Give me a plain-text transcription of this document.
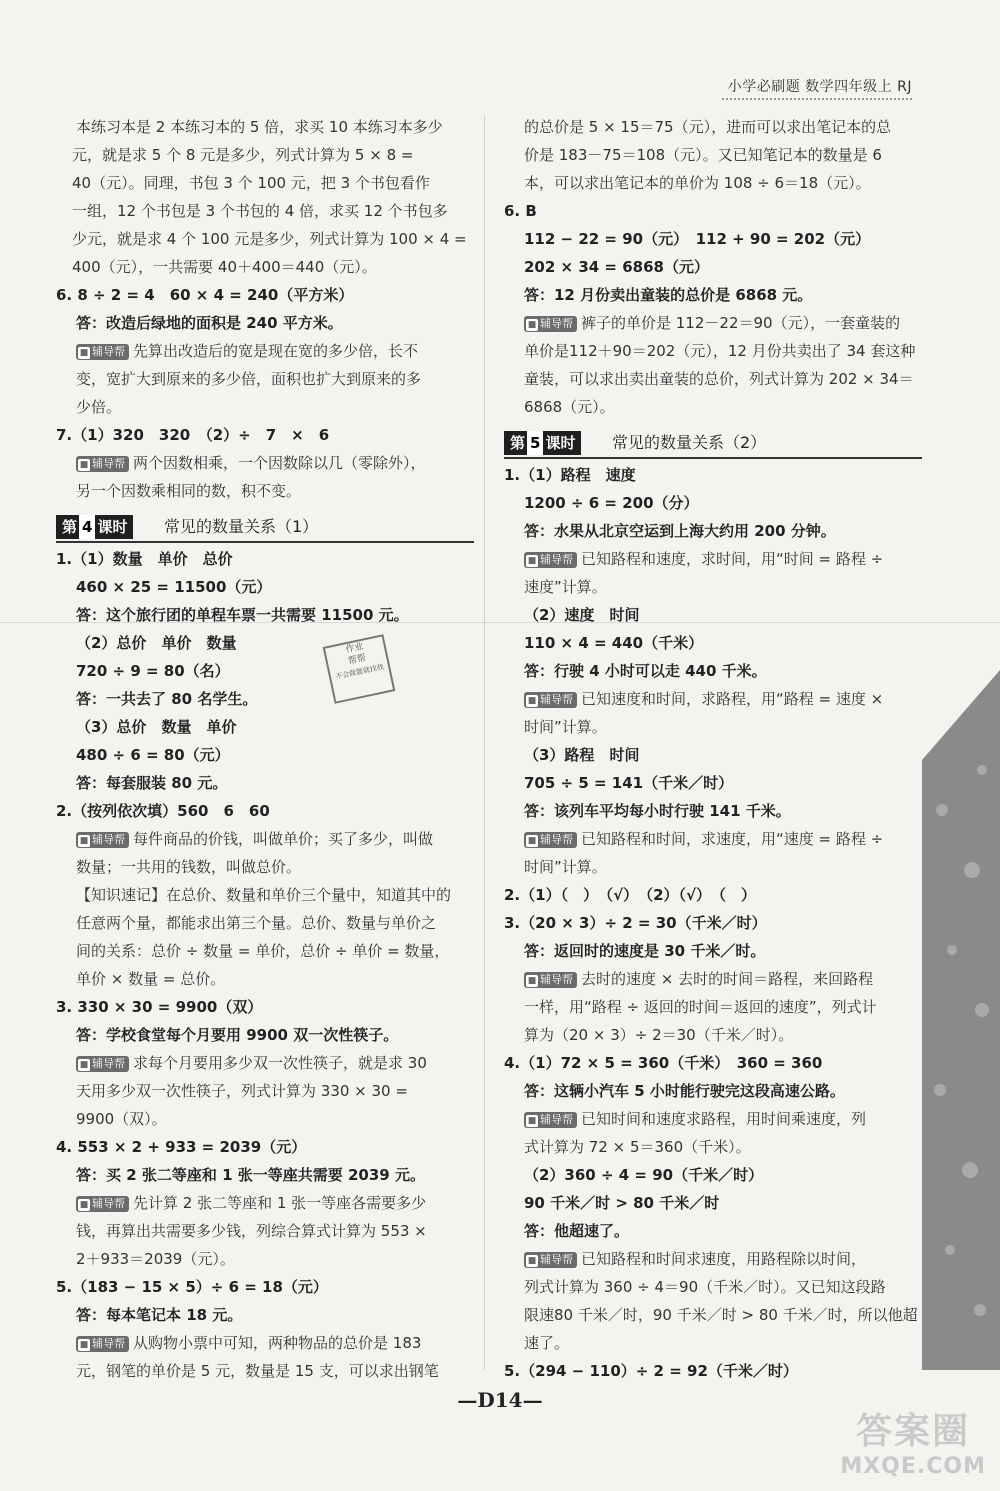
小学必刷题 数学四年级上 RJ
本练习本是 2 本练习本的 5 倍，求买 10 本练习本多少
元，就是求 5 个 8 元是多少，列式计算为 5 × 8 =
40（元）。同理，书包 3 个 100 元，把 3 个书包看作
一组，12 个书包是 3 个书包的 4 倍，求买 12 个书包多
少元，就是求 4 个 100 元是多少，列式计算为 100 × 4 =
400（元），一共需要 40＋400＝440（元）。
6. 8 ÷ 2 = 4　60 × 4 = 240（平方米）
答：改造后绿地的面积是 240 平方米。
■ 辅导帮 先算出改造后的宽是现在宽的多少倍，长不
变，宽扩大到原来的多少倍，面积也扩大到原来的多
少倍。
7.（1）320　320　（2）÷　7　×　6
■ 辅导帮 两个因数相乘，一个因数除以几（零除外），
另一个因数乘相同的数，积不变。
第 4 课时	常见的数量关系（1）
1.（1）数量　单价　总价
460 × 25 = 11500（元）
答：这个旅行团的单程车票一共需要 11500 元。
（2）总价　单价　数量
720 ÷ 9 = 80（名）
答：一共去了 80 名学生。
（3）总价　数量　单价
480 ÷ 6 = 80（元）
答：每套服装 80 元。
2.（按列依次填）560　6　60
■ 辅导帮 每件商品的价钱，叫做单价；买了多少，叫做
数量；一共用的钱数，叫做总价。
【知识速记】在总价、数量和单价三个量中，知道其中的
任意两个量，都能求出第三个量。总价、数量与单价之
间的关系：总价 ÷ 数量 = 单价，总价 ÷ 单价 = 数量，
单价 × 数量 = 总价。
3. 330 × 30 = 9900（双）
答：学校食堂每个月要用 9900 双一次性筷子。
■ 辅导帮 求每个月要用多少双一次性筷子，就是求 30
天用多少双一次性筷子，列式计算为 330 × 30 =
9900（双）。
4. 553 × 2 + 933 = 2039（元）
答：买 2 张二等座和 1 张一等座共需要 2039 元。
■ 辅导帮 先计算 2 张二等座和 1 张一等座各需要多少
钱，再算出共需要多少钱，列综合算式计算为 553 ×
2＋933＝2039（元）。
5.（183 − 15 × 5）÷ 6 = 18（元）
答：每本笔记本 18 元。
■ 辅导帮 从购物小票中可知，两种物品的总价是 183
元，钢笔的单价是 5 元，数量是 15 支，可以求出钢笔
的总价是 5 × 15＝75（元），进而可以求出笔记本的总
价是 183－75＝108（元）。又已知笔记本的数量是 6
本，可以求出笔记本的单价为 108 ÷ 6＝18（元）。
6. B
112 − 22 = 90（元）　112 + 90 = 202（元）
202 × 34 = 6868（元）
答：12 月份卖出童装的总价是 6868 元。
■ 辅导帮 裤子的单价是 112－22＝90（元），一套童装的
单价是112＋90＝202（元），12 月份共卖出了 34 套这种
童装，可以求出卖出童装的总价，列式计算为 202 × 34＝
6868（元）。
第 5 课时	常见的数量关系（2）
1.（1）路程　速度
1200 ÷ 6 = 200（分）
答：水果从北京空运到上海大约用 200 分钟。
■ 辅导帮 已知路程和速度，求时间，用“时间 = 路程 ÷
速度”计算。
（2）速度　时间
110 × 4 = 440（千米）
答：行驶 4 小时可以走 440 千米。
■ 辅导帮 已知速度和时间，求路程，用“路程 = 速度 ×
时间”计算。
（3）路程　时间
705 ÷ 5 = 141（千米／时）
答：该列车平均每小时行驶 141 千米。
■ 辅导帮 已知路程和时间，求速度，用“速度 = 路程 ÷
时间”计算。
2.（1）（　）　（√）　（2）（√）　（　）
3.（20 × 3）÷ 2 = 30（千米／时）
答：返回时的速度是 30 千米／时。
■ 辅导帮 去时的速度 × 去时的时间＝路程，来回路程
一样，用“路程 ÷ 返回的时间＝返回的速度”，列式计
算为（20 × 3）÷ 2＝30（千米／时）。
4.（1）72 × 5 = 360（千米）　360 = 360
答：这辆小汽车 5 小时能行驶完这段高速公路。
■ 辅导帮 已知时间和速度求路程，用时间乘速度，列
式计算为 72 × 5＝360（千米）。
（2）360 ÷ 4 = 90（千米／时）
90 千米／时 > 80 千米／时
答：他超速了。
■ 辅导帮 已知路程和时间求速度，用路程除以时间，
列式计算为 360 ÷ 4＝90（千米／时）。又已知这段路
限速80 千米／时，90 千米／时 > 80 千米／时，所以他超
速了。
5.（294 − 110）÷ 2 = 92（千米／时）
作业
帮帮
不会做题就找我
—D14—
答案圈
MXQE.COM
